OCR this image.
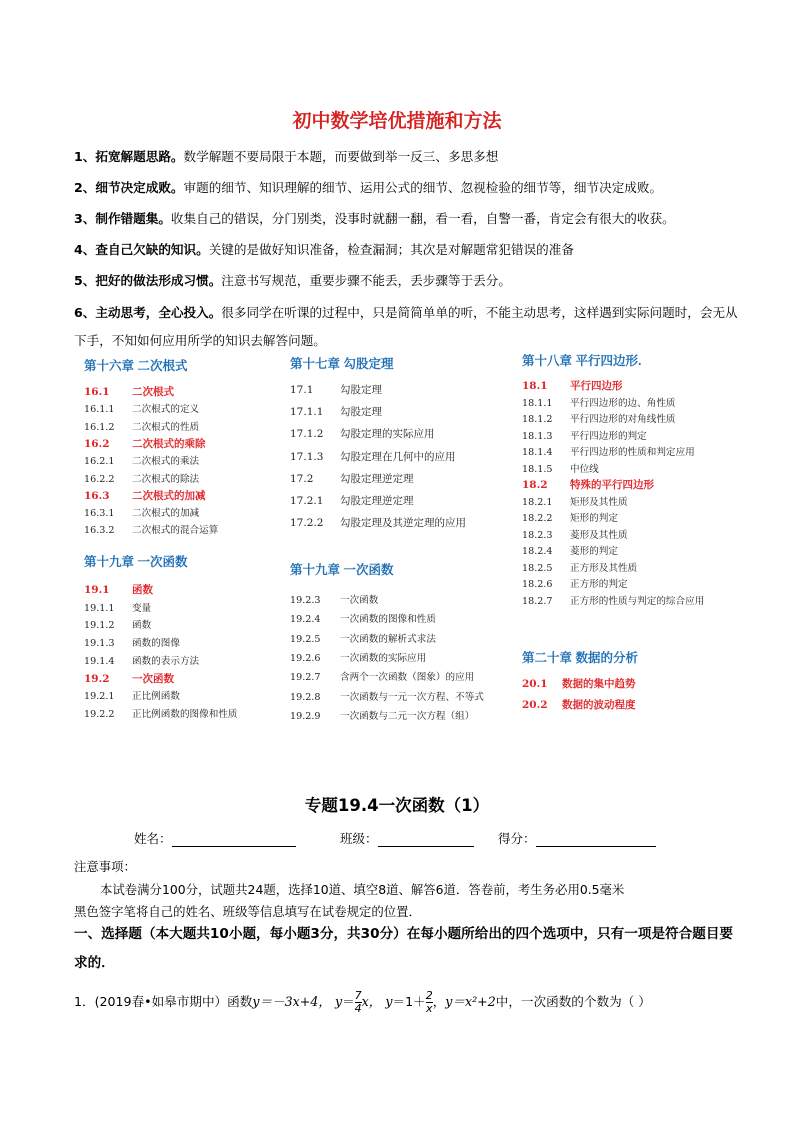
初中数学培优措施和方法
1、拓宽解题思路。数学解题不要局限于本题，而要做到举一反三、多思多想
2、细节决定成败。审题的细节、知识理解的细节、运用公式的细节、忽视检验的细节等，细节决定成败。
3、制作错题集。收集自己的错误，分门别类，没事时就翻一翻，看一看，自警一番，肯定会有很大的收获。
4、查自己欠缺的知识。关键的是做好知识准备，检查漏洞；其次是对解题常犯错误的准备
5、把好的做法形成习惯。注意书写规范，重要步骤不能丢，丢步骤等于丢分。
6、主动思考，全心投入。很多同学在听课的过程中，只是简简单单的听，不能主动思考，这样遇到实际问题时，会无从下手，不知如何应用所学的知识去解答问题。
第十六章 二次根式
16.1 二次根式
16.1.1 二次根式的定义
16.1.2 二次根式的性质
16.2 二次根式的乘除
16.2.1 二次根式的乘法
16.2.2 二次根式的除法
16.3 二次根式的加减
16.3.1 二次根式的加减
16.3.2 二次根式的混合运算
第十九章 一次函数
19.1 函数
19.1.1 变量
19.1.2 函数
19.1.3 函数的图像
19.1.4 函数的表示方法
19.2 一次函数
19.2.1 正比例函数
19.2.2 正比例函数的图像和性质
第十七章 勾股定理
17.1	勾股定理
17.1.1 勾股定理
17.1.2 勾股定理的实际应用
17.1.3 勾股定理在几何中的应用
17.2	勾股定理逆定理
17.2.1 勾股定理逆定理
17.2.2 勾股定理及其逆定理的应用
第十九章 一次函数
19.2.3 一次函数
19.2.4 一次函数的图像和性质
19.2.5 一次函数的解析式求法
19.2.6 一次函数的实际应用
19.2.7 含两个一次函数（图象）的应用
19.2.8 一次函数与一元一次方程、不等式
19.2.9 一次函数与二元一次方程（组）
第十八章 平行四边形.
18.1 平行四边形
18.1.1 平行四边形的边、角性质
18.1.2 平行四边形的对角线性质
18.1.3 平行四边形的判定
18.1.4 平行四边形的性质和判定应用
18.1.5 中位线
18.2 特殊的平行四边形
18.2.1 矩形及其性质
18.2.2 矩形的判定
18.2.3 菱形及其性质
18.2.4 菱形的判定
18.2.5 正方形及其性质
18.2.6 正方形的判定
18.2.7 正方形的性质与判定的综合应用
第二十章 数据的分析
20.1 数据的集中趋势
20.2 数据的波动程度
专题19.4一次函数（1）
姓名：	班级：	得分：
注意事项：
本试卷满分100分，试题共24题，选择10道、填空8道、解答6道．答卷前，考生务必用0.5毫米
黑色签字笔将自己的姓名、班级等信息填写在试卷规定的位置．
一、选择题（本大题共10小题，每小题3分，共30分）在每小题所给出的四个选项中，只有一项是符合题目要求的．
1．(2019春•如皋市期中）函数y＝－3x+4， $y= \frac{7}{4}$ x， $y=1+ \frac{2}{x}$ ，y＝x²+2中，一次函数的个数为（ ）
